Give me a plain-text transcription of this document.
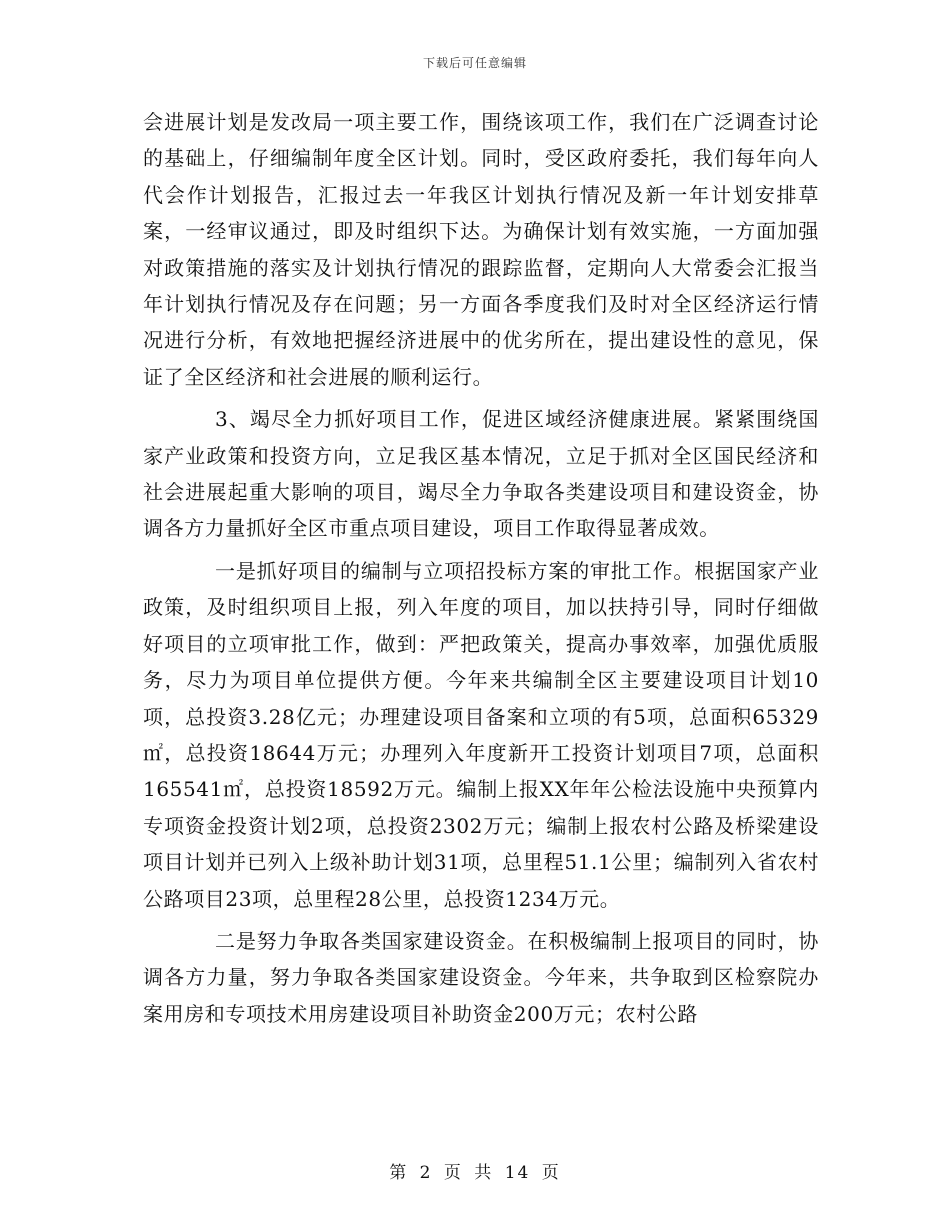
下载后可任意编辑

会进展计划是发改局一项主要工作，围绕该项工作，我们在广泛调查讨论的基础上，仔细编制年度全区计划。同时，受区政府委托，我们每年向人代会作计划报告，汇报过去一年我区计划执行情况及新一年计划安排草案，一经审议通过，即及时组织下达。为确保计划有效实施，一方面加强对政策措施的落实及计划执行情况的跟踪监督，定期向人大常委会汇报当年计划执行情况及存在问题；另一方面各季度我们及时对全区经济运行情况进行分析，有效地把握经济进展中的优劣所在，提出建设性的意见，保证了全区经济和社会进展的顺利运行。

3、竭尽全力抓好项目工作，促进区域经济健康进展。紧紧围绕国家产业政策和投资方向，立足我区基本情况，立足于抓对全区国民经济和社会进展起重大影响的项目，竭尽全力争取各类建设项目和建设资金，协调各方力量抓好全区市重点项目建设，项目工作取得显著成效。

一是抓好项目的编制与立项招投标方案的审批工作。根据国家产业政策，及时组织项目上报，列入年度的项目，加以扶持引导，同时仔细做好项目的立项审批工作，做到：严把政策关，提高办事效率，加强优质服务，尽力为项目单位提供方便。今年来共编制全区主要建设项目计划10项，总投资3.28亿元；办理建设项目备案和立项的有5项，总面积65329㎡，总投资18644万元；办理列入年度新开工投资计划项目7项，总面积165541㎡，总投资18592万元。编制上报XX年年公检法设施中央预算内专项资金投资计划2项，总投资2302万元；编制上报农村公路及桥梁建设项目计划并已列入上级补助计划31项，总里程51.1公里；编制列入省农村公路项目23项，总里程28公里，总投资1234万元。

二是努力争取各类国家建设资金。在积极编制上报项目的同时，协调各方力量，努力争取各类国家建设资金。今年来，共争取到区检察院办案用房和专项技术用房建设项目补助资金200万元；农村公路

第 2 页 共 14 页
